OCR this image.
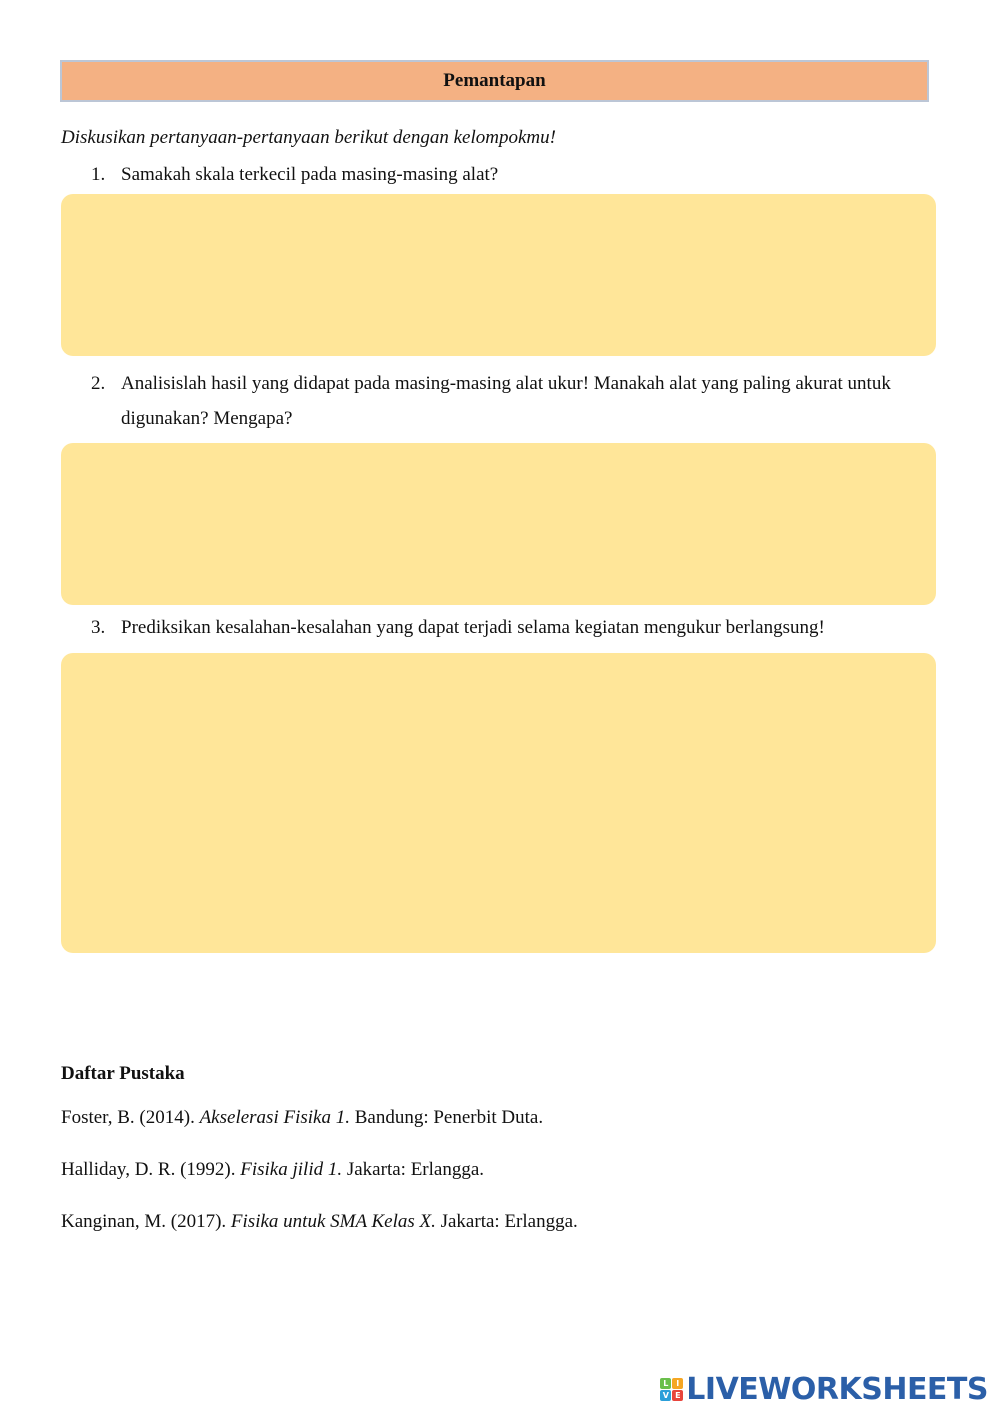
Pemantapan
Diskusikan pertanyaan-pertanyaan berikut dengan kelompokmu!
1. Samakah skala terkecil pada masing-masing alat?
2. Analisislah hasil yang didapat pada masing-masing alat ukur! Manakah alat yang paling akurat untuk digunakan? Mengapa?
3. Prediksikan kesalahan-kesalahan yang dapat terjadi selama kegiatan mengukur berlangsung!
Daftar Pustaka
Foster, B. (2014). Akselerasi Fisika 1. Bandung: Penerbit Duta.
Halliday, D. R. (1992). Fisika jilid 1. Jakarta: Erlangga.
Kanginan, M. (2017). Fisika untuk SMA Kelas X. Jakarta: Erlangga.
L I
V E LIVEWORKSHEETS
